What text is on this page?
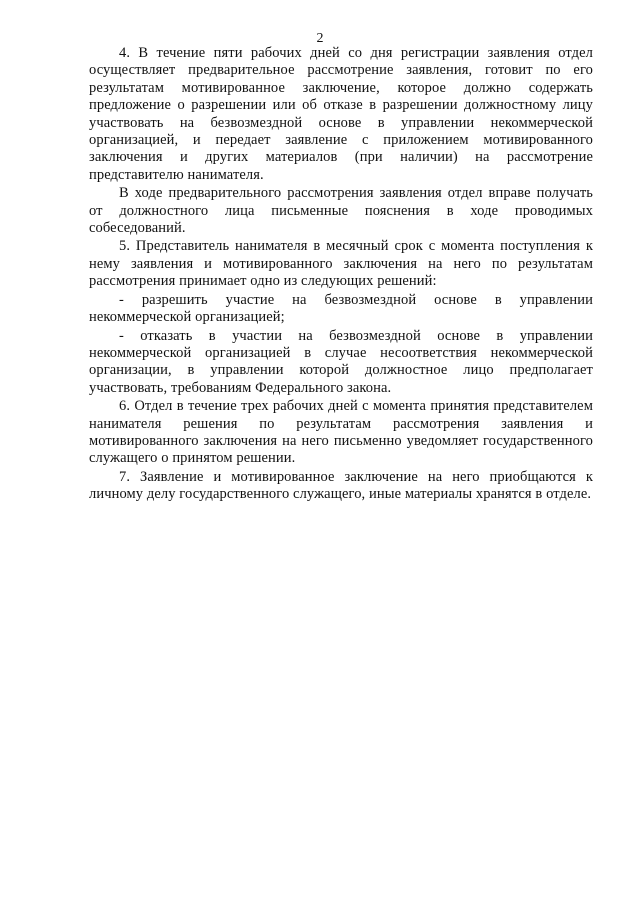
2

4. В течение пяти рабочих дней со дня регистрации заявления отдел осуществляет предварительное рассмотрение заявления, готовит по его результатам мотивированное заключение, которое должно содержать предложение о разрешении или об отказе в разрешении должностному лицу участвовать на безвозмездной основе в управлении некоммерческой организацией, и передает заявление с приложением мотивированного заключения и других материалов (при наличии) на рассмотрение представителю нанимателя.

В ходе предварительного рассмотрения заявления отдел вправе получать от должностного лица письменные пояснения в ходе проводимых собеседований.

5. Представитель нанимателя в месячный срок с момента поступления к нему заявления и мотивированного заключения на него по результатам рассмотрения принимает одно из следующих решений:

- разрешить участие на безвозмездной основе в управлении некоммерческой организацией;

- отказать в участии на безвозмездной основе в управлении некоммерческой организацией в случае несоответствия некоммерческой организации, в управлении которой должностное лицо предполагает участвовать, требованиям Федерального закона.

6. Отдел в течение трех рабочих дней с момента принятия представителем нанимателя решения по результатам рассмотрения заявления и мотивированного заключения на него письменно уведомляет государственного служащего о принятом решении.

7. Заявление и мотивированное заключение на него приобщаются к личному делу государственного служащего, иные материалы хранятся в отделе.
